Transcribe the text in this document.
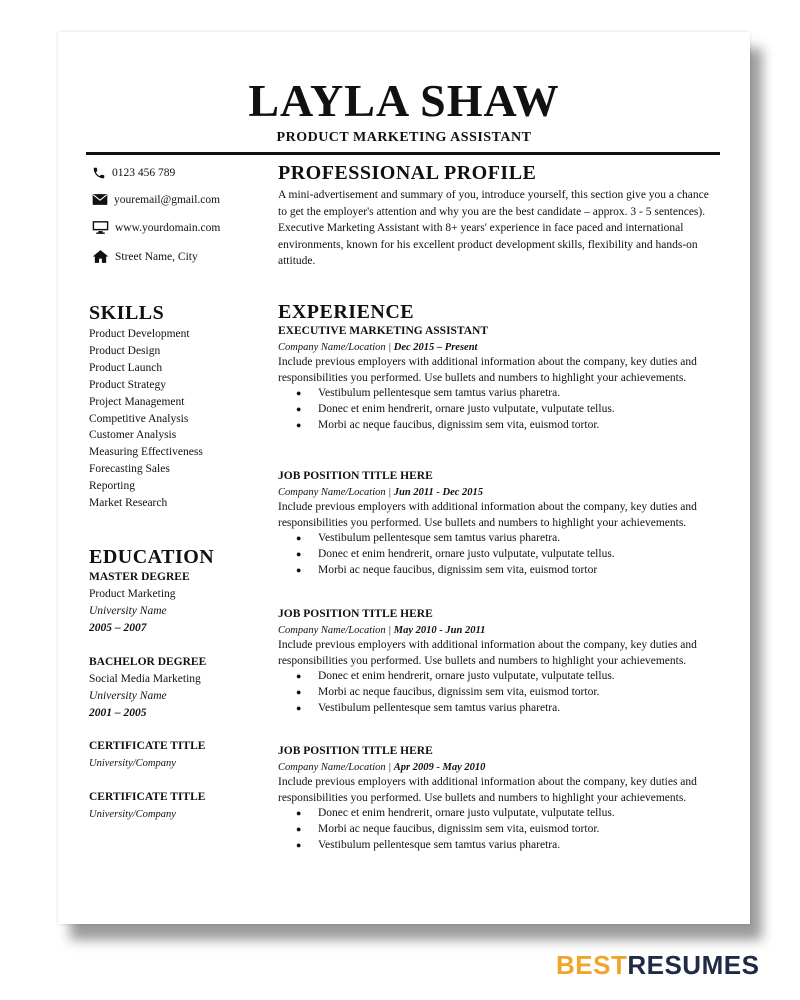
LAYLA SHAW
PRODUCT MARKETING ASSISTANT
0123 456 789
youremail@gmail.com
www.yourdomain.com
Street Name, City
SKILLS
Product Development
Product Design
Product Launch
Product Strategy
Project Management
Competitive Analysis
Customer Analysis
Measuring Effectiveness
Forecasting Sales
Reporting
Market Research
EDUCATION
MASTER DEGREE
Product Marketing
University Name
2005 – 2007
BACHELOR DEGREE
Social Media Marketing
University Name
2001 – 2005
CERTIFICATE TITLE
University/Company
CERTIFICATE TITLE
University/Company
PROFESSIONAL PROFILE
A mini-advertisement and summary of you, introduce yourself, this section give you a chance to get the employer's attention and why you are the best candidate – approx. 3 - 5 sentences).
Executive Marketing Assistant with 8+ years' experience in face paced and international environments, known for his excellent product development skills, flexibility and hands-on attitude.
EXPERIENCE
EXECUTIVE MARKETING ASSISTANT
Company Name/Location | Dec 2015 – Present
Include previous employers with additional information about the company, key duties and responsibilities you performed. Use bullets and numbers to highlight your achievements.
● Vestibulum pellentesque sem tamtus varius pharetra.
● Donec et enim hendrerit, ornare justo vulputate, vulputate tellus.
● Morbi ac neque faucibus, dignissim sem vita, euismod tortor.
JOB POSITION TITLE HERE
Company Name/Location | Jun 2011 - Dec 2015
Include previous employers with additional information about the company, key duties and responsibilities you performed. Use bullets and numbers to highlight your achievements.
● Vestibulum pellentesque sem tamtus varius pharetra.
● Donec et enim hendrerit, ornare justo vulputate, vulputate tellus.
● Morbi ac neque faucibus, dignissim sem vita, euismod tortor
JOB POSITION TITLE HERE
Company Name/Location | May 2010 - Jun 2011
Include previous employers with additional information about the company, key duties and responsibilities you performed. Use bullets and numbers to highlight your achievements.
● Donec et enim hendrerit, ornare justo vulputate, vulputate tellus.
● Morbi ac neque faucibus, dignissim sem vita, euismod tortor.
● Vestibulum pellentesque sem tamtus varius pharetra.
JOB POSITION TITLE HERE
Company Name/Location | Apr 2009 - May 2010
Include previous employers with additional information about the company, key duties and responsibilities you performed. Use bullets and numbers to highlight your achievements.
● Donec et enim hendrerit, ornare justo vulputate, vulputate tellus.
● Morbi ac neque faucibus, dignissim sem vita, euismod tortor.
● Vestibulum pellentesque sem tamtus varius pharetra.
BESTRESUMES
